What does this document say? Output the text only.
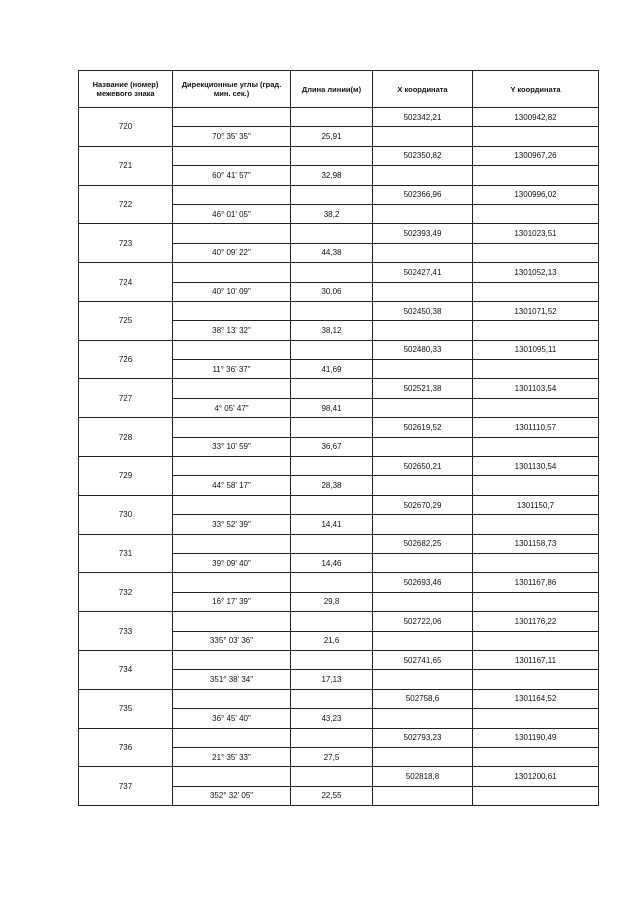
Название (номер) межевого знака	Дирекционные углы (град. мин. сек.)	Длина линии(м)	X координата	Y координата
720			502342,21	1300942,82
	70° 35' 35"	25,91		
721			502350,82	1300967,26
	60° 41' 57"	32,98		
722			502366,96	1300996,02
	46° 01' 05"	38,2		
723			502393,49	1301023,51
	40° 09' 22"	44,38		
724			502427,41	1301052,13
	40° 10' 09"	30,06		
725			502450,38	1301071,52
	38° 13' 32"	38,12		
726			502480,33	1301095,11
	11° 36' 37"	41,69		
727			502521,38	1301103,54
	4° 05' 47"	98,41		
728			502619,52	1301110,57
	33° 10' 59"	36,67		
729			502650,21	1301130,54
	44° 58' 17"	28,38		
730			502670,29	1301150,7
	33° 52' 39"	14,41		
731			502682,25	1301158,73
	39° 09' 40"	14,46		
732			502693,46	1301167,86
	16° 17' 39"	29,8		
733			502722,06	1301176,22
	335° 03' 36"	21,6		
734			502741,65	1301167,11
	351° 38' 34"	17,13		
735			502758,6	1301164,52
	36° 45' 40"	43,23		
736			502793,23	1301190,49
	21° 35' 33"	27,5		
737			502818,8	1301200,61
	352° 32' 05"	22,55		
